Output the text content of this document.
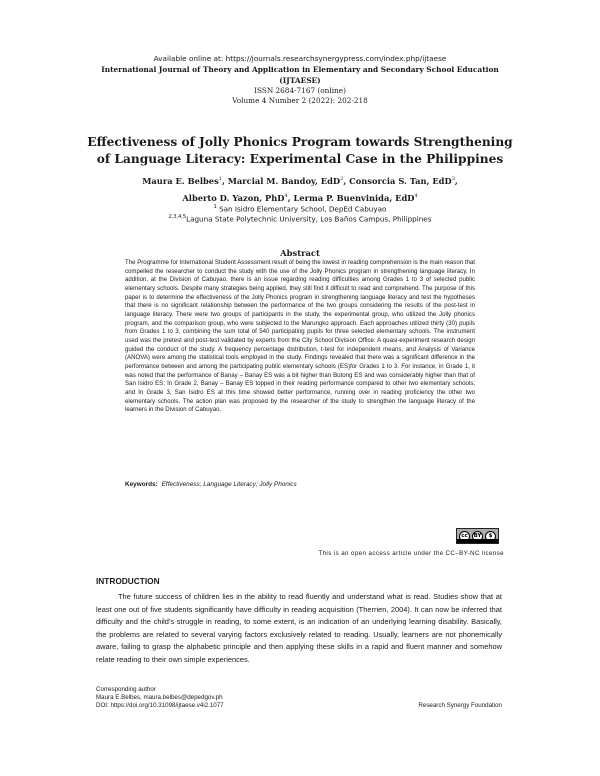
Available online at: https://journals.researchsynergypress.com/index.php/ijtaese
International Journal of Theory and Application in Elementary and Secondary School Education
(IJTAESE)
ISSN 2684-7167 (online)
Volume 4 Number 2 (2022): 202-218
Effectiveness of Jolly Phonics Program towards Strengthening of Language Literacy: Experimental Case in the Philippines
Maura E. Belbes$^1$, Marcial M. Bandoy, EdD$^2$, Consorcia S. Tan, EdD$^3$,
Alberto D. Yazon, PhD$^4$, Lerma P. Buenvinida, EdD$^4$
$^1$ San Isidro Elementary School, DepEd Cabuyao
$^{2,3,4,5}$Laguna State Polytechnic University, Los Baños Campus, Philippines
Abstract

The Programme for International Student Assessment result of being the lowest in reading comprehension is the main reason that compelled the researcher to conduct the study with the use of the Jolly Phonics program in strengthening language literacy. In addition, at the Division of Cabuyao, there is an issue regarding reading difficulties among Grades 1 to 3 of selected public elementary schools. Despite many strategies being applied, they still find it difficult to read and comprehend. The purpose of this paper is to determine the effectiveness of the Jolly Phonics program in strengthening language literacy and test the hypotheses that there is no significant relationship between the performance of the two groups considering the results of the post-test in language literacy. There were two groups of participants in the study, the experimental group, who utilized the Jolly phonics program, and the comparison group, who were subjected to the Marungko approach. Each approaches utilized thirty (30) pupils from Grades 1 to 3, combining the sum total of 540 participating pupils for three selected elementary schools. The instrument used was the pretest and post-test validated by experts from the City School Division Office. A quasi-experiment research design guided the conduct of the study. A frequency percentage distribution, t-test for independent means, and Analysis of Variance (ANOVA) were among the statistical tools employed in the study. Findings revealed that there was a significant difference in the performance between and among the participating public elementary schools (ES)for Grades 1 to 3. For instance, in Grade 1, it was noted that the performance of Banay – Banay ES was a bit higher than Butong ES and was considerably higher than that of San Isidro ES; In Grade 2, Banay – Banay ES topped in their reading performance compared to other two elementary schools; and In Grade 3, San Isidro ES at this time showed better performance, running over in reading proficiency the other two elementary schools. The action plan was proposed by the researcher of the study to strengthen the language literacy of the learners in the Division of Cabuyao.

Keywords: Effectiveness; Language Literacy; Jolly Phonics
cc	BY	$
This is an open access article under the CC–BY-NC license
INTRODUCTION

The future success of children lies in the ability to read fluently and understand what is read. Studies show that at least one out of five students significantly have difficulty in reading acquisition (Therrien, 2004). It can now be inferred that difficulty and the child's struggle in reading, to some extent, is an indication of an underlying learning disability. Basically, the problems are related to several varying factors exclusively related to reading. Usually, learners are not phonemically aware, failing to grasp the alphabetic principle and then applying these skills in a rapid and fluent manner and somehow relate reading to their own simple experiences.

Corresponding author
Maura E.Belbes, maura.belbes@depedgov.ph
DOI: https://doi.org/10.31098/ijtaese.v4i2.1077	Research Synergy Foundation
